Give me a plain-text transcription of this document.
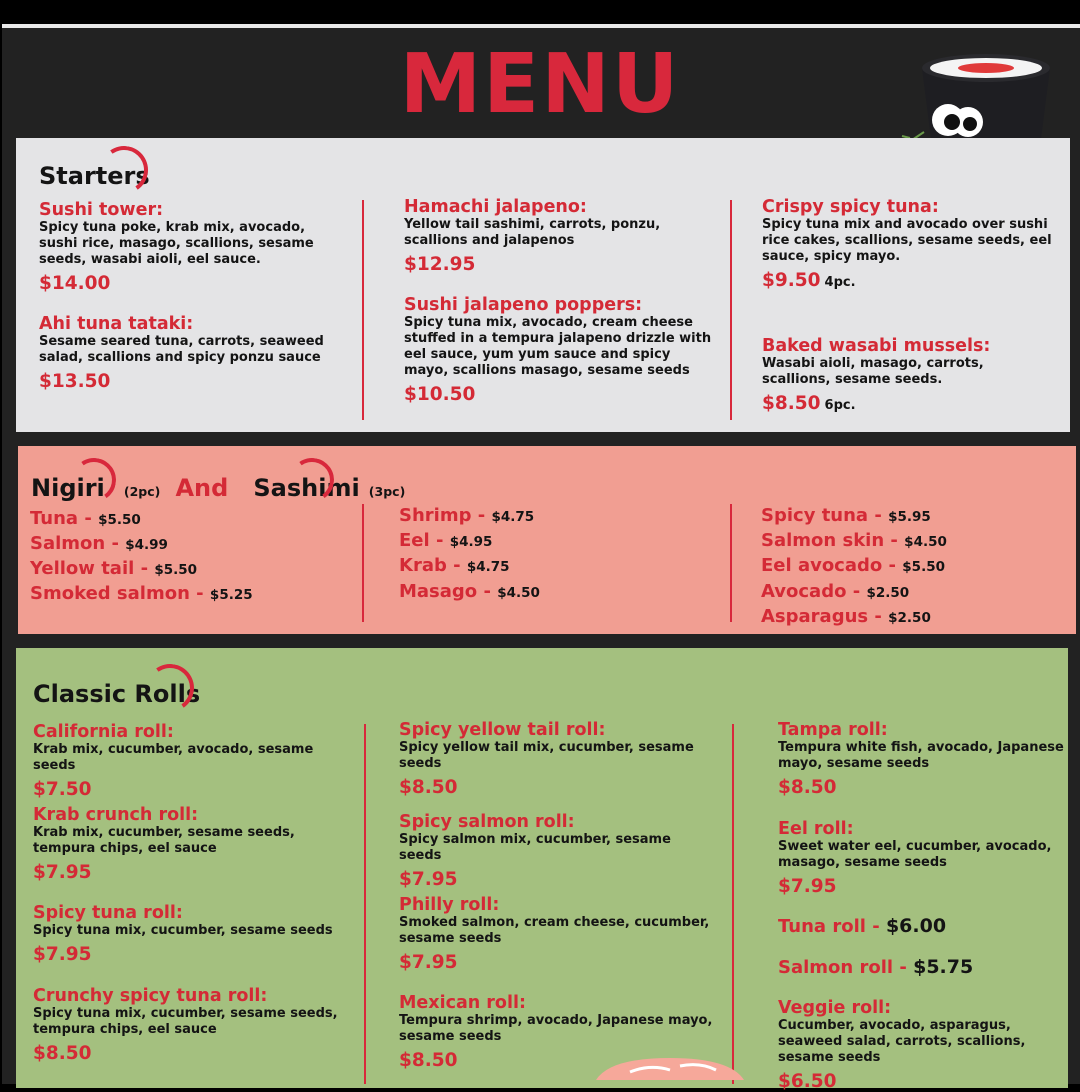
MENU
Starters
Sushi tower:
Spicy tuna poke, krab mix, avocado, sushi rice, masago, scallions, sesame seeds, wasabi aioli, eel sauce.
$14.00
Ahi tuna tataki:
Sesame seared tuna, carrots, seaweed salad, scallions and spicy ponzu sauce
$13.50
Hamachi jalapeno:
Yellow tail sashimi, carrots, ponzu, scallions and jalapenos
$12.95
Sushi jalapeno poppers:
Spicy tuna mix, avocado, cream cheese stuffed in a tempura jalapeno drizzle with eel sauce, yum yum sauce and spicy mayo, scallions masago, sesame seeds
$10.50
Crispy spicy tuna:
Spicy tuna mix and avocado over sushi rice cakes, scallions, sesame seeds, eel sauce, spicy mayo.
$9.50 4pc.
Baked wasabi mussels:
Wasabi aioli, masago, carrots, scallions, sesame seeds.
$8.50 6pc.
Nigiri (2pc) And Sashimi (3pc)
Tuna - $5.50
Salmon - $4.99
Yellow tail - $5.50
Smoked salmon - $5.25
Shrimp - $4.75
Eel - $4.95
Krab - $4.75
Masago - $4.50
Spicy tuna - $5.95
Salmon skin - $4.50
Eel avocado - $5.50
Avocado - $2.50
Asparagus - $2.50
Classic Rolls
California roll:
Krab mix, cucumber, avocado, sesame seeds
$7.50
Krab crunch roll:
Krab mix, cucumber, sesame seeds, tempura chips, eel sauce
$7.95
Spicy tuna roll:
Spicy tuna mix, cucumber, sesame seeds
$7.95
Crunchy spicy tuna roll:
Spicy tuna mix, cucumber, sesame seeds, tempura chips, eel sauce
$8.50
Spicy yellow tail roll:
Spicy yellow tail mix, cucumber, sesame seeds
$8.50
Spicy salmon roll:
Spicy salmon mix, cucumber, sesame seeds
$7.95
Philly roll:
Smoked salmon, cream cheese, cucumber, sesame seeds
$7.95
Mexican roll:
Tempura shrimp, avocado, Japanese mayo, sesame seeds
$8.50
Tampa roll:
Tempura white fish, avocado, Japanese mayo, sesame seeds
$8.50
Eel roll:
Sweet water eel, cucumber, avocado, masago, sesame seeds
$7.95
Tuna roll - $6.00
Salmon roll - $5.75
Veggie roll:
Cucumber, avocado, asparagus, seaweed salad, carrots, scallions, sesame seeds
$6.50
